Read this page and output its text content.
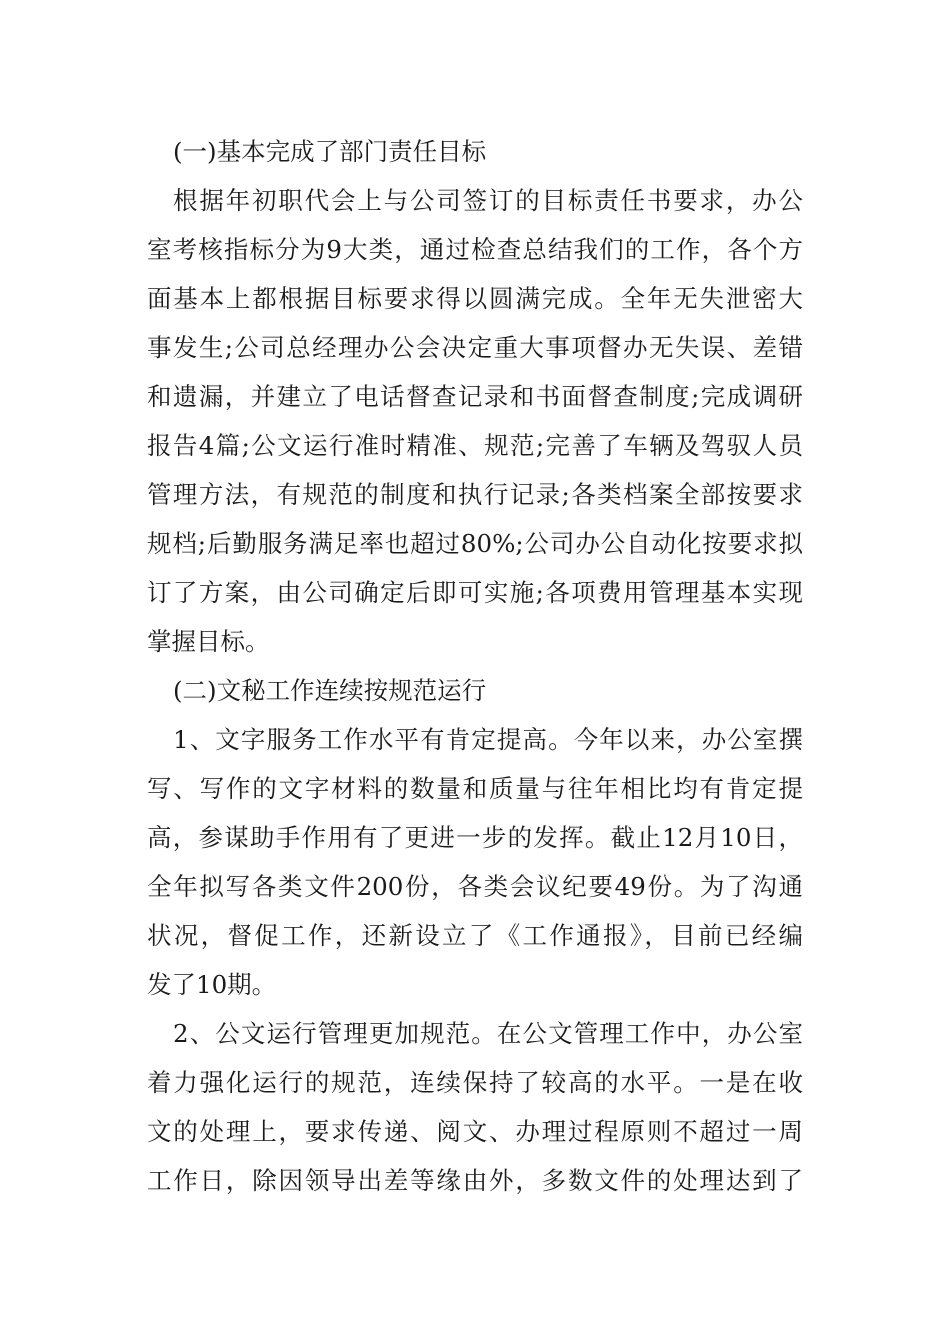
(一)基本完成了部门责任目标
根据年初职代会上与公司签订的目标责任书要求，办公
室考核指标分为9大类，通过检查总结我们的工作，各个方
面基本上都根据目标要求得以圆满完成。全年无失泄密大
事发生;公司总经理办公会决定重大事项督办无失误、差错
和遗漏，并建立了电话督查记录和书面督查制度;完成调研
报告4篇;公文运行准时精准、规范;完善了车辆及驾驭人员
管理方法，有规范的制度和执行记录;各类档案全部按要求
规档;后勤服务满足率也超过80%;公司办公自动化按要求拟
订了方案，由公司确定后即可实施;各项费用管理基本实现
掌握目标。
(二)文秘工作连续按规范运行
1、文字服务工作水平有肯定提高。今年以来，办公室撰
写、写作的文字材料的数量和质量与往年相比均有肯定提
高，参谋助手作用有了更进一步的发挥。截止12月10日，
全年拟写各类文件200份，各类会议纪要49份。为了沟通
状况，督促工作，还新设立了《工作通报》，目前已经编
发了10期。
2、公文运行管理更加规范。在公文管理工作中，办公室
着力强化运行的规范，连续保持了较高的水平。一是在收
文的处理上，要求传递、阅文、办理过程原则不超过一周
工作日，除因领导出差等缘由外，多数文件的处理达到了
